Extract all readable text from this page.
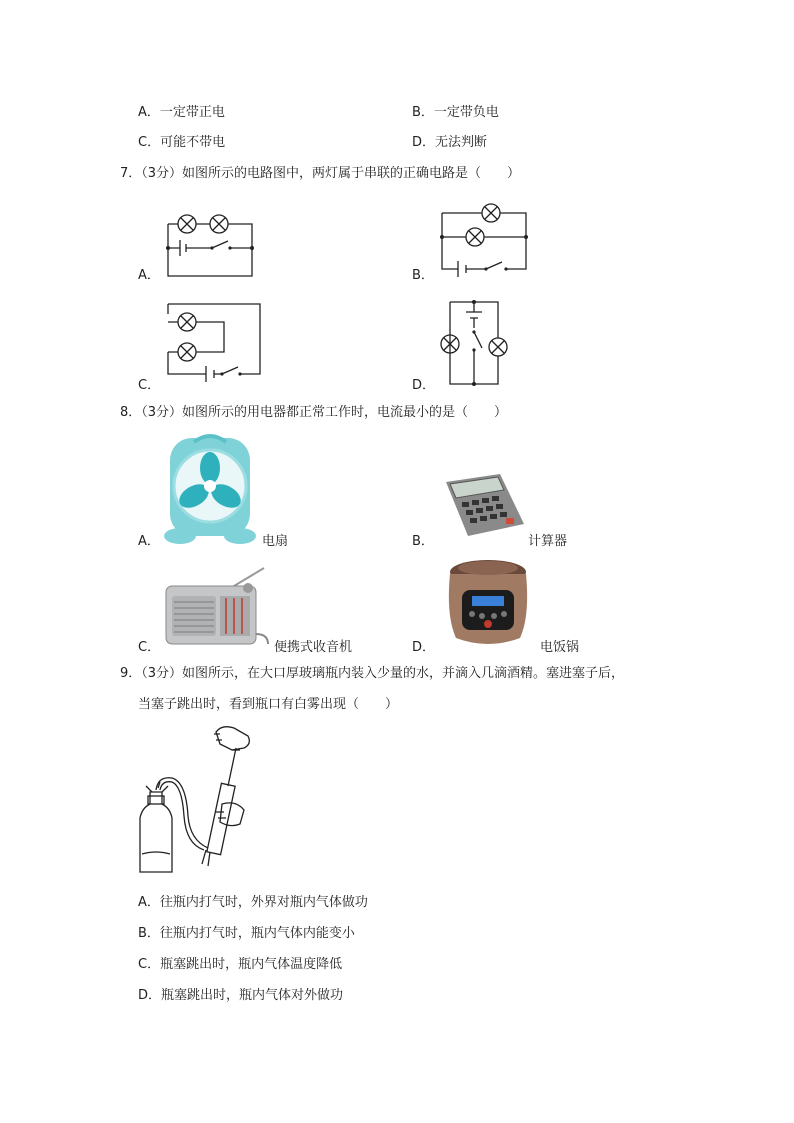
A．一定带正电	B．一定带负电
C．可能不带电	D．无法判断
7．（3分）如图所示的电路图中，两灯属于串联的正确电路是（　　）
A．	B．
C．	D．
8．（3分）如图所示的用电器都正常工作时，电流最小的是（　　）
A．	电扇	B．	计算器
C．	便携式收音机	D．	电饭锅
9．（3分）如图所示，在大口厚玻璃瓶内装入少量的水，并滴入几滴酒精。塞进塞子后，
当塞子跳出时，看到瓶口有白雾出现（　　）
A．往瓶内打气时，外界对瓶内气体做功
B．往瓶内打气时，瓶内气体内能变小
C．瓶塞跳出时，瓶内气体温度降低
D．瓶塞跳出时，瓶内气体对外做功
